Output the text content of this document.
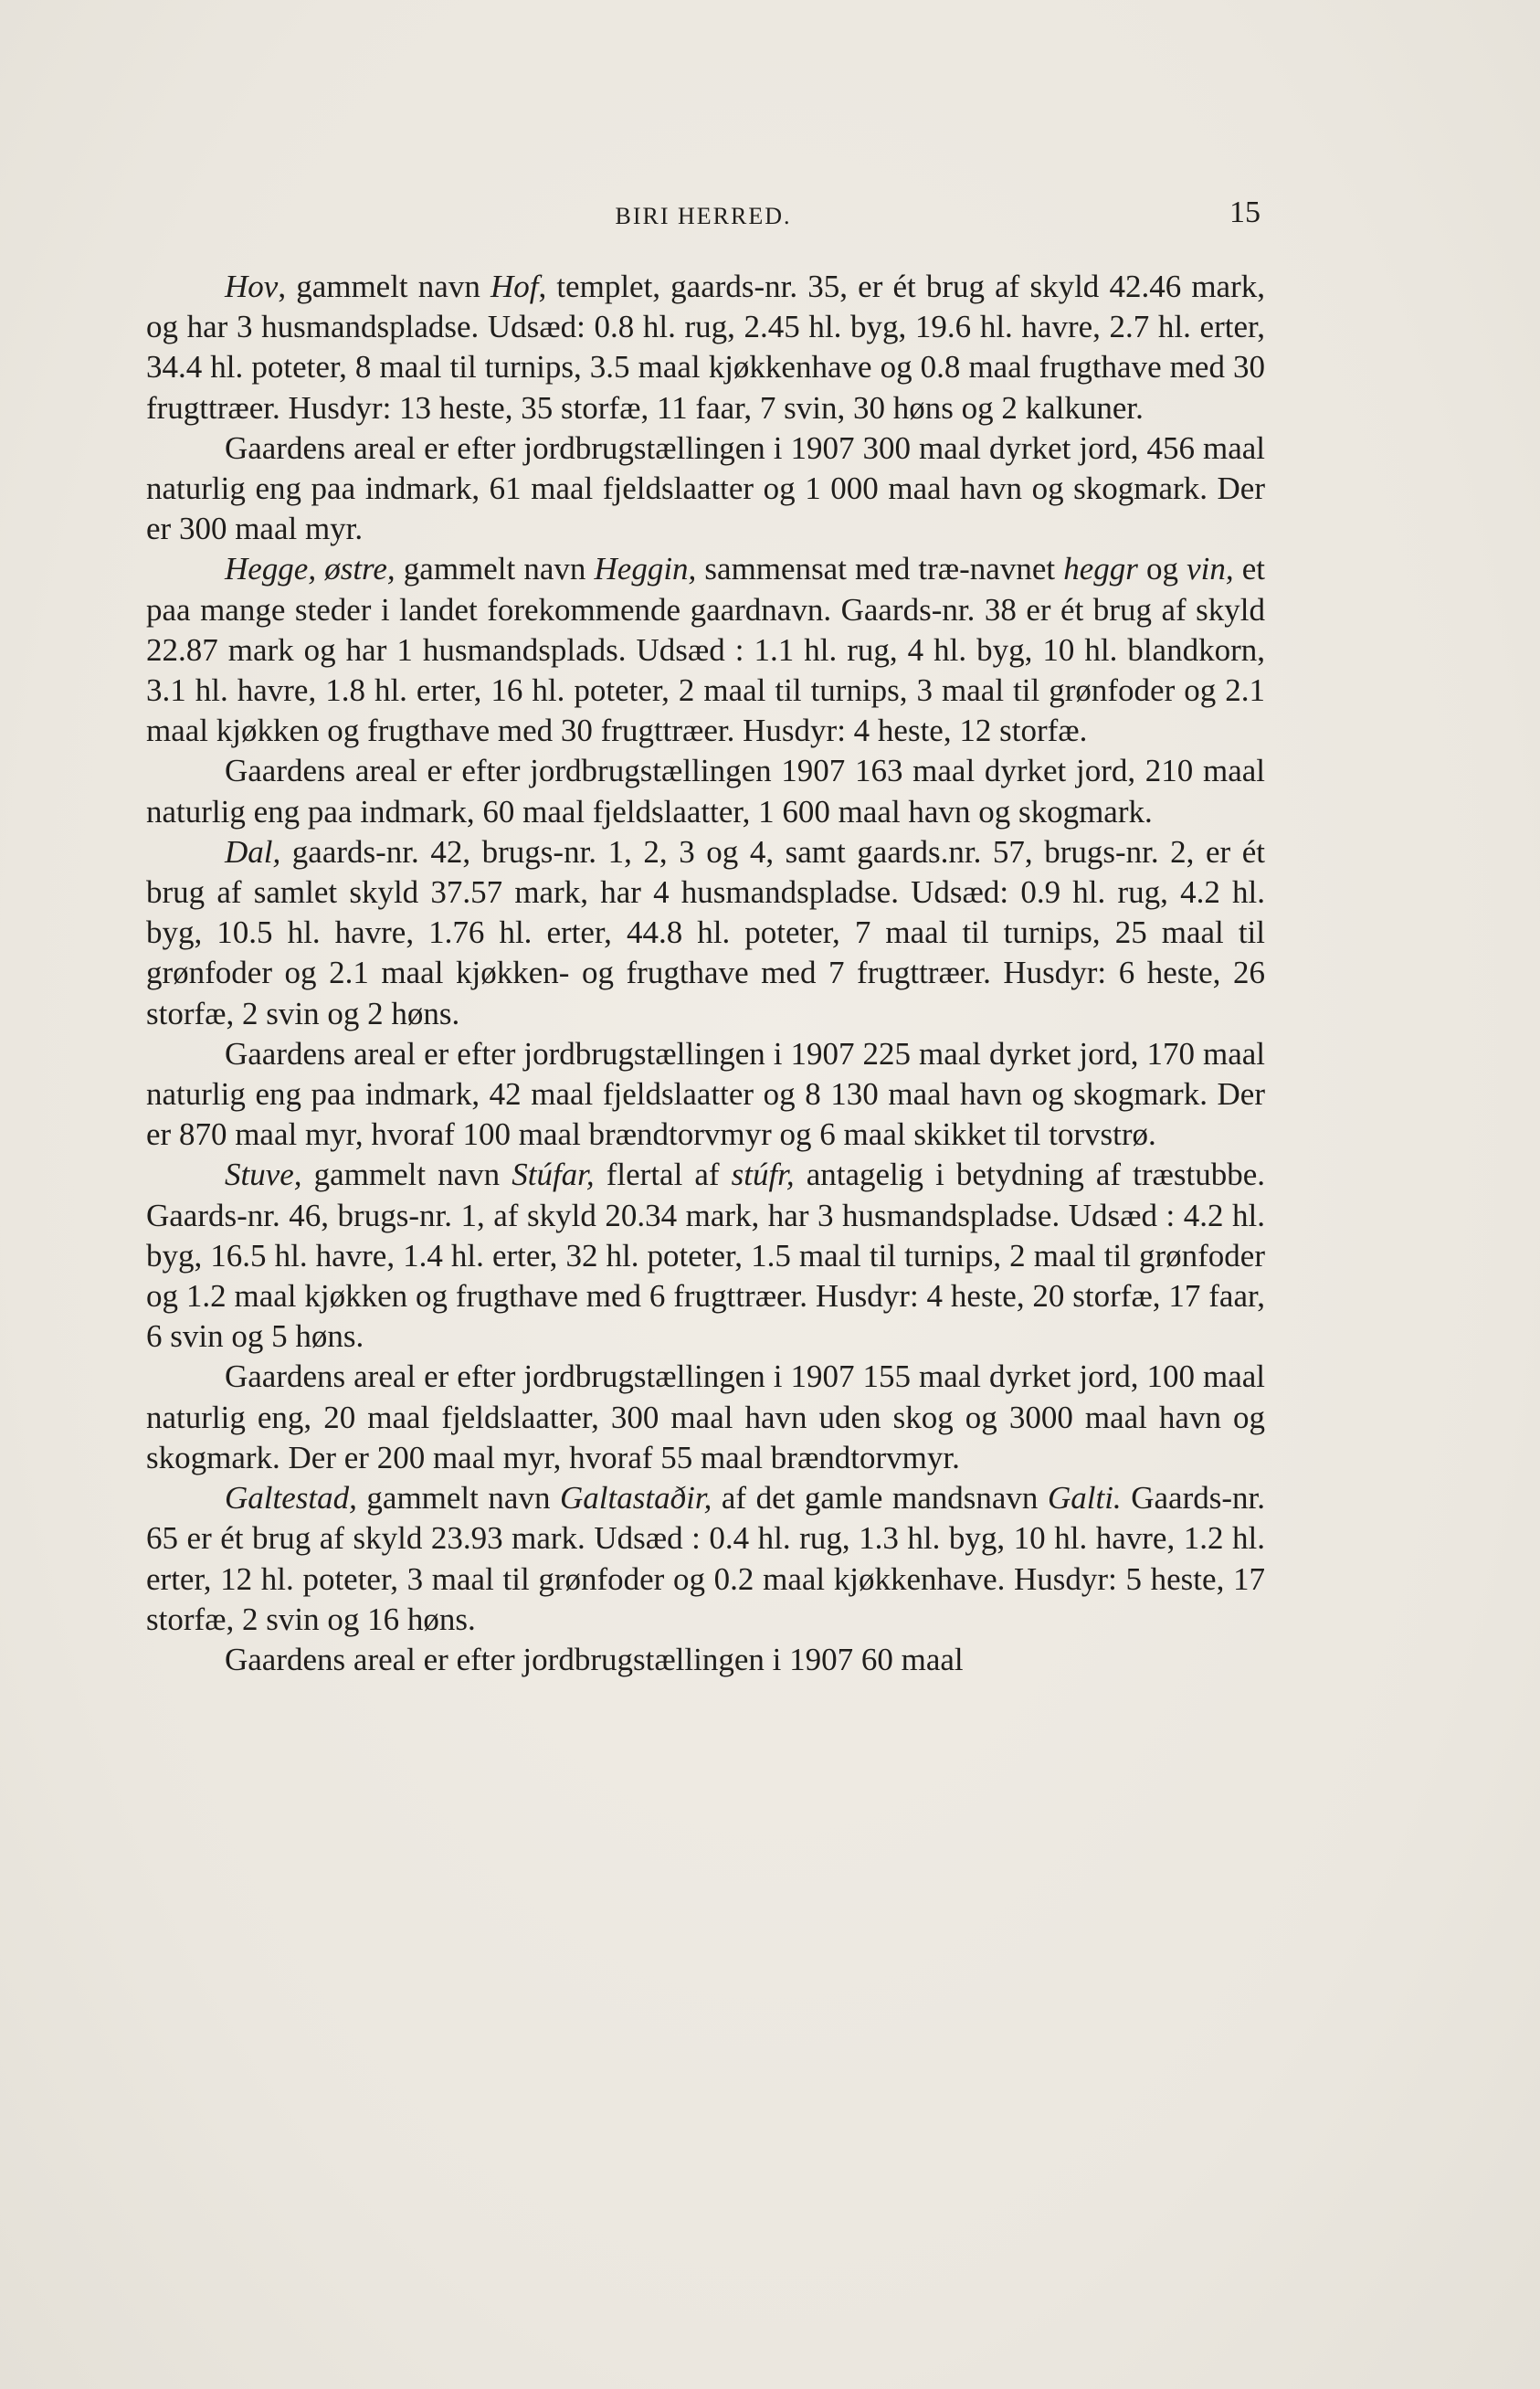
BIRI HERRED.	15

Hov, gammelt navn Hof, templet, gaards-nr. 35, er ét brug af skyld 42.46 mark, og har 3 husmandspladse. Udsæd: 0.8 hl. rug, 2.45 hl. byg, 19.6 hl. havre, 2.7 hl. erter, 34.4 hl. poteter, 8 maal til turnips, 3.5 maal kjøkkenhave og 0.8 maal frugthave med 30 frugttræer. Husdyr: 13 heste, 35 storfæ, 11 faar, 7 svin, 30 høns og 2 kalkuner.

Gaardens areal er efter jordbrugstællingen i 1907 300 maal dyrket jord, 456 maal naturlig eng paa indmark, 61 maal fjeldslaatter og 1 000 maal havn og skogmark. Der er 300 maal myr.

Hegge, østre, gammelt navn Heggin, sammensat med træ-navnet heggr og vin, et paa mange steder i landet forekommende gaardnavn. Gaards-nr. 38 er ét brug af skyld 22.87 mark og har 1 husmandsplads. Udsæd : 1.1 hl. rug, 4 hl. byg, 10 hl. blandkorn, 3.1 hl. havre, 1.8 hl. erter, 16 hl. poteter, 2 maal til turnips, 3 maal til grønfoder og 2.1 maal kjøkken og frugthave med 30 frugttræer. Husdyr: 4 heste, 12 storfæ.

Gaardens areal er efter jordbrugstællingen 1907 163 maal dyrket jord, 210 maal naturlig eng paa indmark, 60 maal fjeldslaatter, 1 600 maal havn og skogmark.

Dal, gaards-nr. 42, brugs-nr. 1, 2, 3 og 4, samt gaards.nr. 57, brugs-nr. 2, er ét brug af samlet skyld 37.57 mark, har 4 husmandspladse. Udsæd: 0.9 hl. rug, 4.2 hl. byg, 10.5 hl. havre, 1.76 hl. erter, 44.8 hl. poteter, 7 maal til turnips, 25 maal til grønfoder og 2.1 maal kjøkken- og frugthave med 7 frugttræer. Husdyr: 6 heste, 26 storfæ, 2 svin og 2 høns.

Gaardens areal er efter jordbrugstællingen i 1907 225 maal dyrket jord, 170 maal naturlig eng paa indmark, 42 maal fjeldslaatter og 8 130 maal havn og skogmark. Der er 870 maal myr, hvoraf 100 maal brændtorvmyr og 6 maal skikket til torvstrø.

Stuve, gammelt navn Stúfar, flertal af stúfr, antagelig i betydning af træstubbe. Gaards-nr. 46, brugs-nr. 1, af skyld 20.34 mark, har 3 husmandspladse. Udsæd : 4.2 hl. byg, 16.5 hl. havre, 1.4 hl. erter, 32 hl. poteter, 1.5 maal til turnips, 2 maal til grønfoder og 1.2 maal kjøkken og frugthave med 6 frugttræer. Husdyr: 4 heste, 20 storfæ, 17 faar, 6 svin og 5 høns.

Gaardens areal er efter jordbrugstællingen i 1907 155 maal dyrket jord, 100 maal naturlig eng, 20 maal fjeldslaatter, 300 maal havn uden skog og 3000 maal havn og skogmark. Der er 200 maal myr, hvoraf 55 maal brændtorvmyr.

Galtestad, gammelt navn Galtastaðir, af det gamle mandsnavn Galti. Gaards-nr. 65 er ét brug af skyld 23.93 mark. Udsæd : 0.4 hl. rug, 1.3 hl. byg, 10 hl. havre, 1.2 hl. erter, 12 hl. poteter, 3 maal til grønfoder og 0.2 maal kjøkkenhave. Husdyr: 5 heste, 17 storfæ, 2 svin og 16 høns.

Gaardens areal er efter jordbrugstællingen i 1907 60 maal
